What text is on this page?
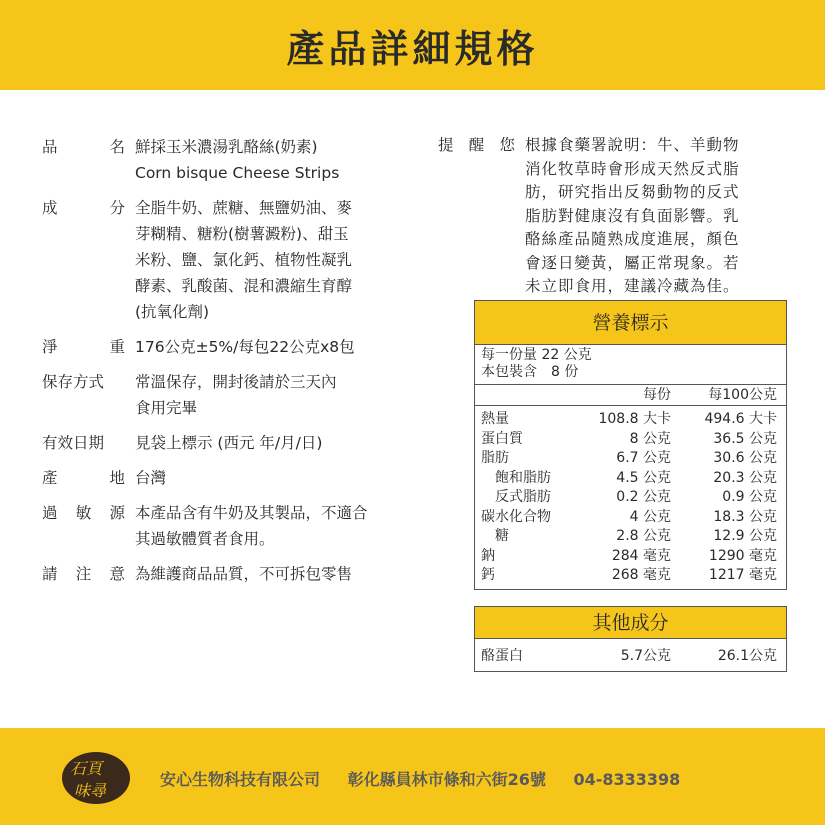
產品詳細規格
品	名 鮮採玉米濃湯乳酪絲(奶素)

Corn bisque Cheese Strips

成	分 全脂牛奶、蔗糖、無鹽奶油、麥

芽糊精、糖粉(樹薯澱粉)、甜玉

米粉、鹽、氯化鈣、植物性凝乳

酵素、乳酸菌、混和濃縮生育醇

(抗氧化劑)

淨	重 176公克±5%/每包22公克x8包

保存方式 常溫保存，開封後請於三天內

食用完畢

有效日期 見袋上標示 (西元 年/月/日)

產	地 台灣

過 敏 源 本產品含有牛奶及其製品，不適合

其過敏體質者食用。

請 注 意 為維護商品品質，不可拆包零售

提 醒 您 根據食藥署說明：牛、羊動物

消化牧草時會形成天然反式脂

肪，研究指出反芻動物的反式

脂肪對健康沒有負面影響。乳

酪絲產品隨熟成度進展，顏色

會逐日變黃，屬正常現象。若

未立即食用，建議冷藏為佳。

營養標示
每一份量 22 公克
本包裝含　8 份
每份	每100公克
熱量	108.8 大卡	494.6 大卡
蛋白質	8 公克	36.5 公克
脂肪	6.7 公克	30.6 公克
　飽和脂肪	4.5 公克	20.3 公克
　反式脂肪	0.2 公克	0.9 公克
碳水化合物	4 公克	18.3 公克
　糖	2.8 公克	12.9 公克
鈉	284 毫克	1290 毫克
鈣	268 毫克	1217 毫克
其他成分
酪蛋白	5.7公克	26.1公克
石頁
味尋
安心生物科技有限公司 彰化縣員林市條和六街26號 04-8333398
